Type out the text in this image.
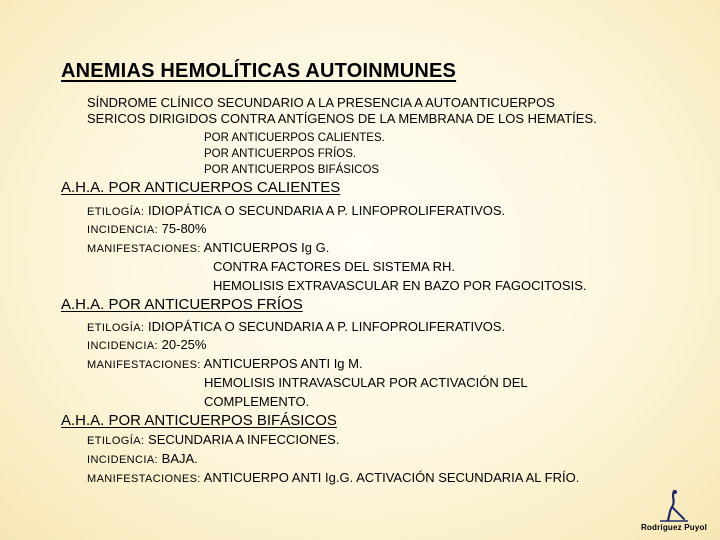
ANEMIAS HEMOLÍTICAS AUTOINMUNES
SÍNDROME CLÍNICO SECUNDARIO A LA PRESENCIA A AUTOANTICUERPOS
SERICOS DIRIGIDOS CONTRA ANTÍGENOS DE LA MEMBRANA DE LOS HEMATÍES.
POR ANTICUERPOS CALIENTES.
POR ANTICUERPOS FRÍOS.
POR ANTICUERPOS BIFÁSICOS
A.H.A. POR ANTICUERPOS CALIENTES
ETILOGÍA: IDIOPÁTICA O SECUNDARIA A P. LINFOPROLIFERATIVOS.
INCIDENCIA: 75-80%
MANIFESTACIONES: ANTICUERPOS Ig G.
CONTRA FACTORES DEL SISTEMA RH.
HEMOLISIS EXTRAVASCULAR EN BAZO POR FAGOCITOSIS.
A.H.A. POR ANTICUERPOS FRÍOS
ETILOGÍA: IDIOPÁTICA O SECUNDARIA A P. LINFOPROLIFERATIVOS.
INCIDENCIA: 20-25%
MANIFESTACIONES: ANTICUERPOS ANTI Ig M.
HEMOLISIS INTRAVASCULAR POR ACTIVACIÓN DEL
COMPLEMENTO.
A.H.A. POR ANTICUERPOS BIFÁSICOS
ETILOGÍA: SECUNDARIA A INFECCIONES.
INCIDENCIA: BAJA.
MANIFESTACIONES: ANTICUERPO ANTI Ig.G. ACTIVACIÓN SECUNDARIA AL FRÍO.
Rodríguez Puyol
